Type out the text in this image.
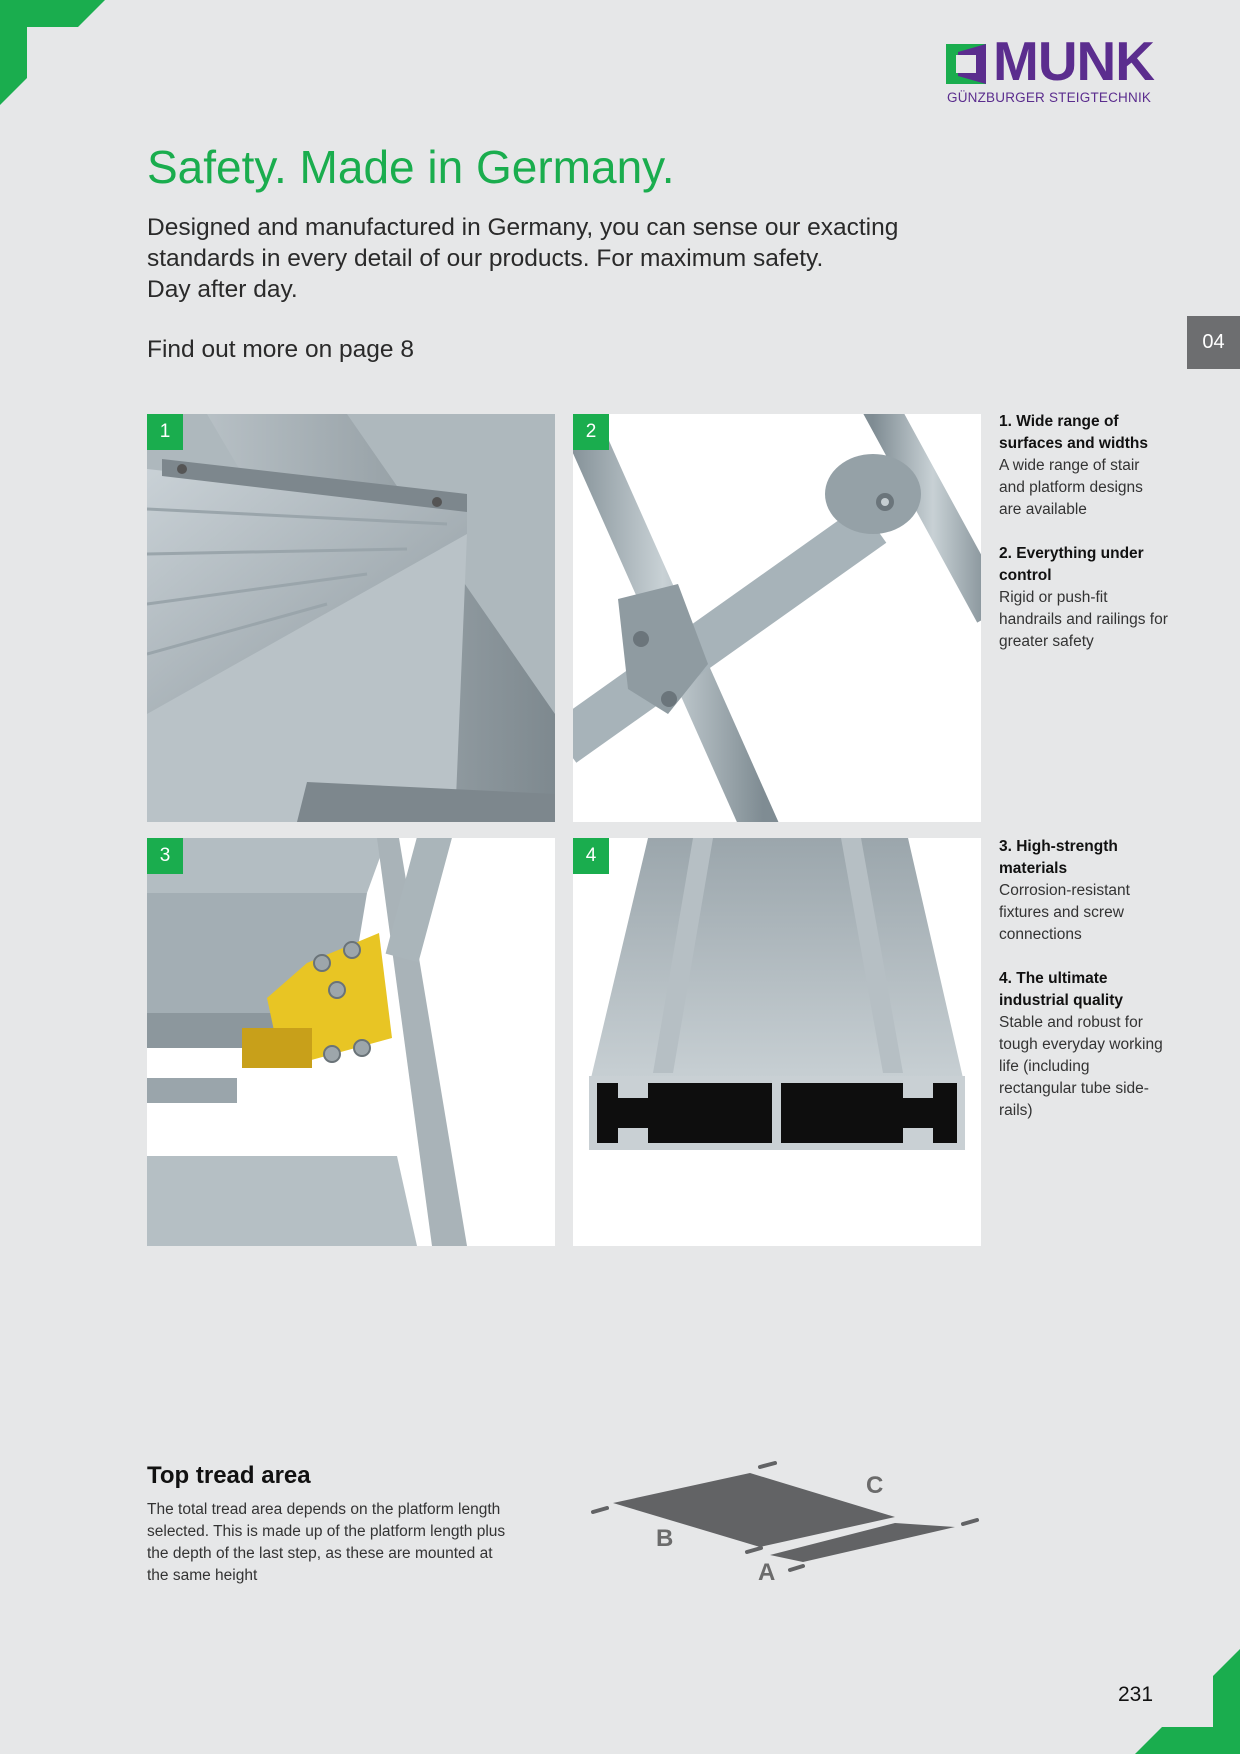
MUNK
GÜNZBURGER STEIGTECHNIK
Safety. Made in Germany.

Designed and manufactured in Germany, you can sense our exacting
standards in every detail of our products. For maximum safety.
Day after day.

Find out more on page 8	04
1	2
3	4
1. Wide range of surfaces and widths
A wide range of stair and platform designs are available
2. Everything under control
Rigid or push-fit handrails and railings for greater safety
3. High-strength materials
Corrosion-resistant fixtures and screw connections
4. The ultimate industrial quality
Stable and robust for tough everyday working life (including rectangular tube side-rails)
Top tread area

The total tread area depends on the platform length selected. This is made up of the platform length plus the depth of the last step, as these are mounted at the same height

C
B
A
231
